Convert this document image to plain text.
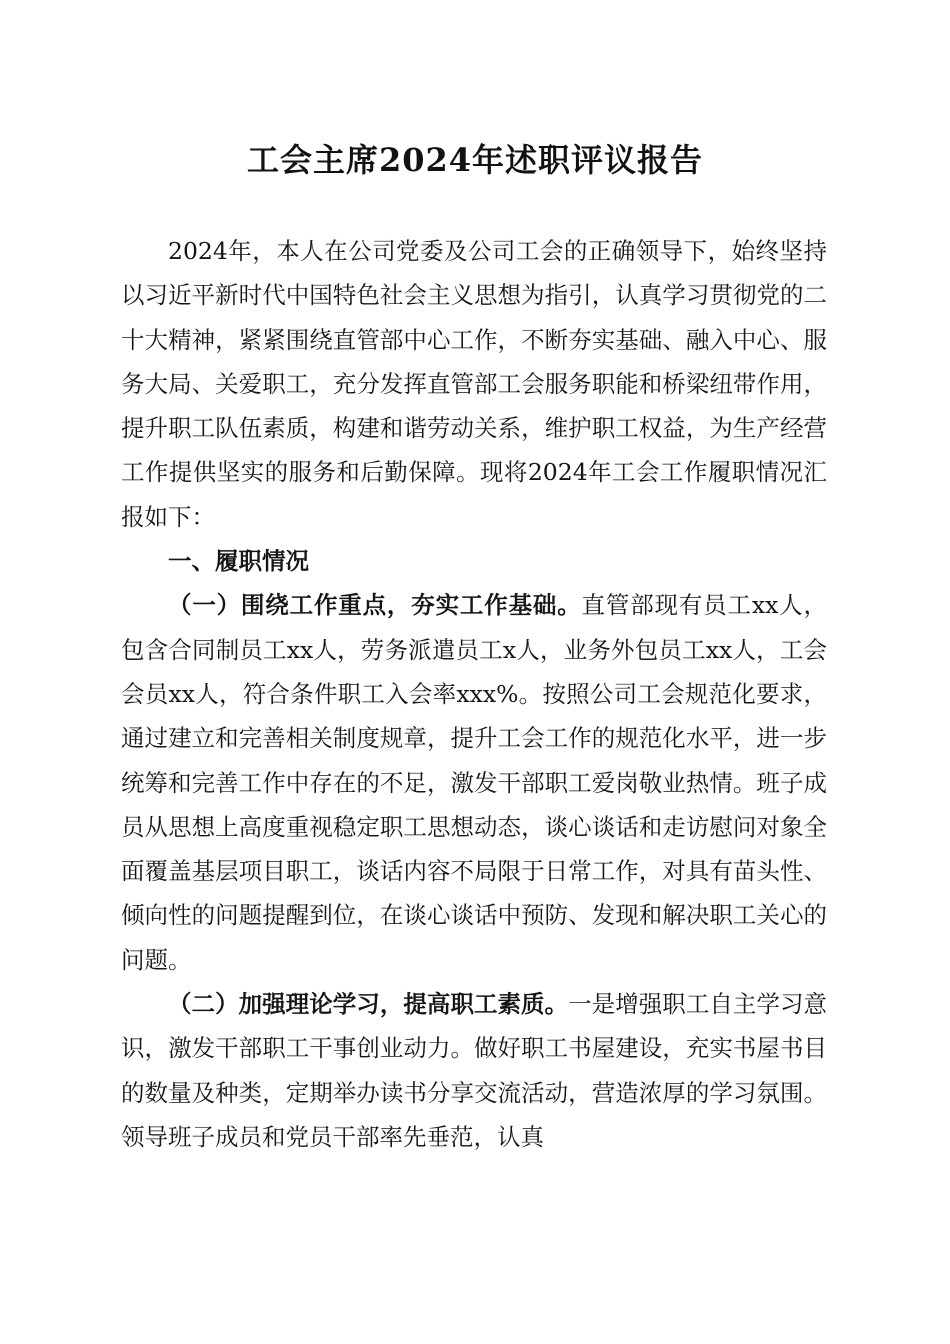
工会主席2024年述职评议报告

2024年，本人在公司党委及公司工会的正确领导下，始终坚持以习近平新时代中国特色社会主义思想为指引，认真学习贯彻党的二十大精神，紧紧围绕直管部中心工作，不断夯实基础、融入中心、服务大局、关爱职工，充分发挥直管部工会服务职能和桥梁纽带作用，提升职工队伍素质，构建和谐劳动关系，维护职工权益，为生产经营工作提供坚实的服务和后勤保障。现将2024年工会工作履职情况汇报如下：

一、履职情况

（一）围绕工作重点，夯实工作基础。直管部现有员工xx人，包含合同制员工xx人，劳务派遣员工x人，业务外包员工xx人，工会会员xx人，符合条件职工入会率xxx%。按照公司工会规范化要求，通过建立和完善相关制度规章，提升工会工作的规范化水平，进一步统筹和完善工作中存在的不足，激发干部职工爱岗敬业热情。班子成员从思想上高度重视稳定职工思想动态，谈心谈话和走访慰问对象全面覆盖基层项目职工，谈话内容不局限于日常工作，对具有苗头性、倾向性的问题提醒到位，在谈心谈话中预防、发现和解决职工关心的问题。

（二）加强理论学习，提高职工素质。一是增强职工自主学习意识，激发干部职工干事创业动力。做好职工书屋建设，充实书屋书目的数量及种类，定期举办读书分享交流活动，营造浓厚的学习氛围。领导班子成员和党员干部率先垂范，认真
